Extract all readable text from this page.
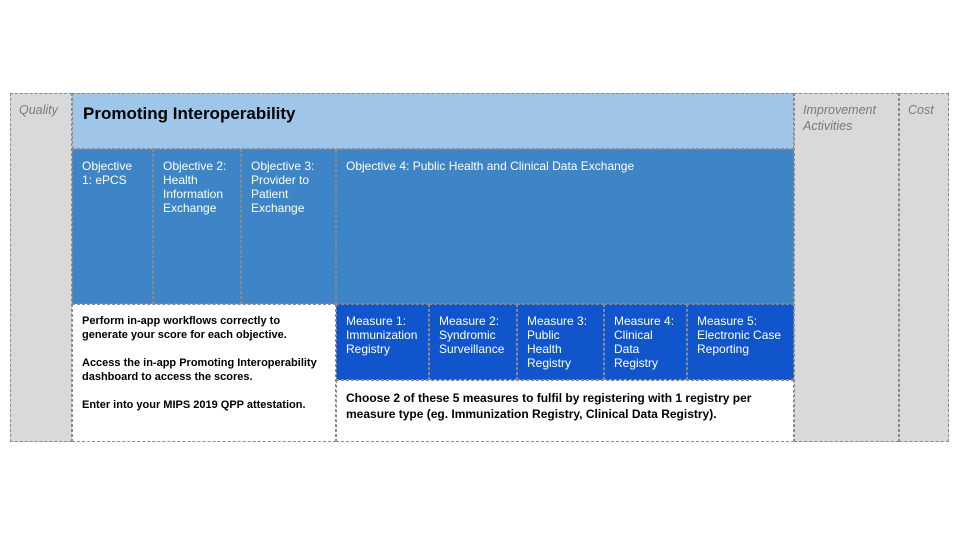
Quality	Promoting Interoperability
Objective 1: ePCS
Objective 2: Health Information Exchange
Objective 3: Provider to Patient Exchange
Objective 4: Public Health and Clinical Data Exchange

Perform in-app workflows correctly to generate your score for each objective.

Access the in-app Promoting Interoperability dashboard to access the scores.

Enter into your MIPS 2019 QPP attestation.

Measure 1: Immunization Registry
Measure 2: Syndromic Surveillance
Measure 3: Public Health Registry
Measure 4: Clinical Data Registry
Measure 5: Electronic Case Reporting
Choose 2 of these 5 measures to fulfil by registering with 1 registry per measure type (eg. Immunization Registry, Clinical Data Registry).
Improvement Activities
Cost
